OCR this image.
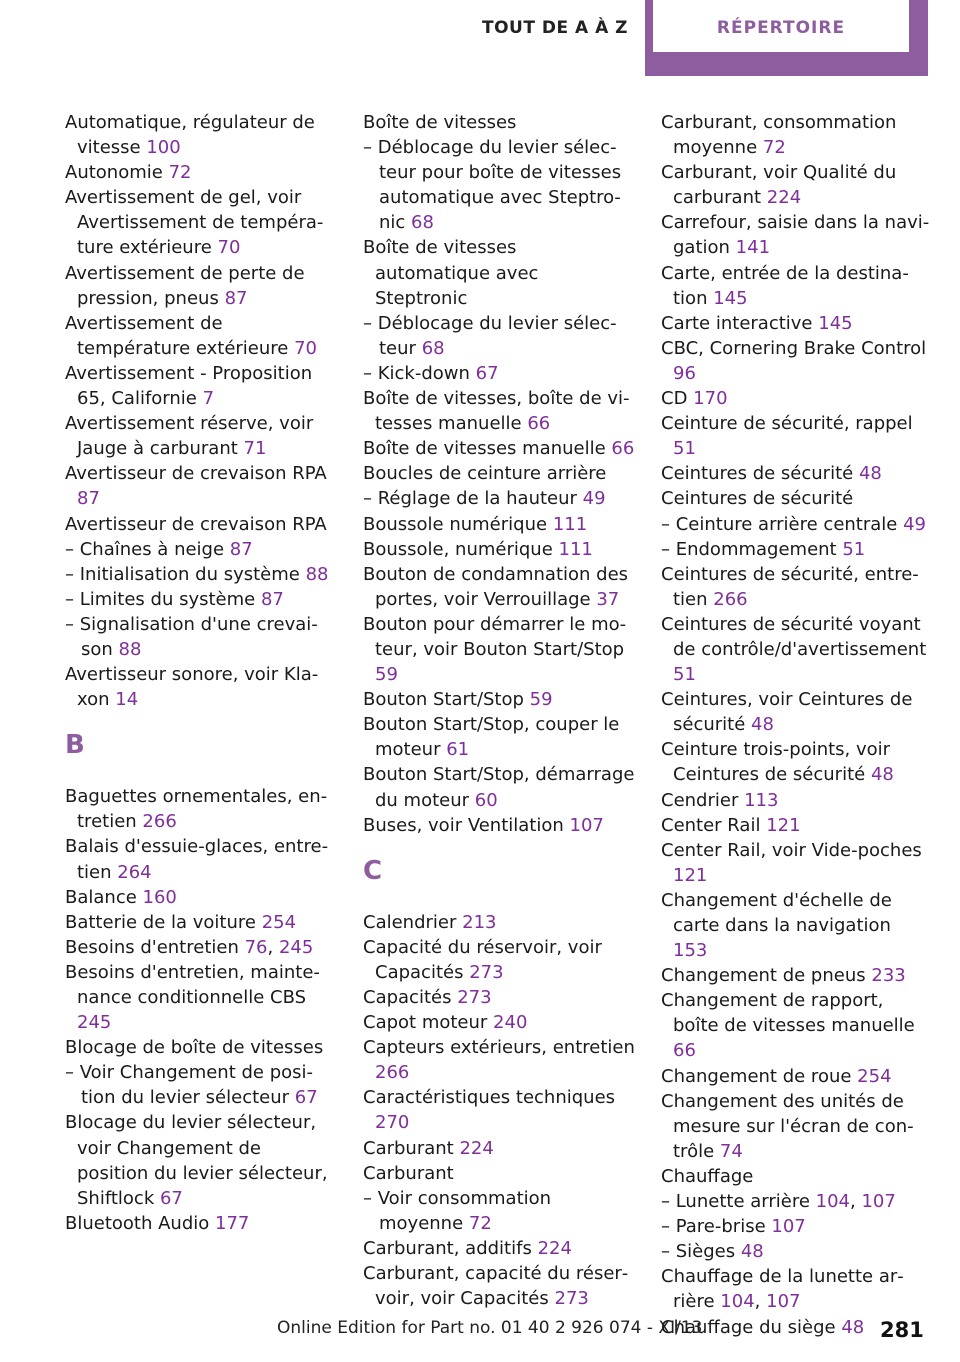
TOUT DE A À Z	RÉPERTOIRE
Automatique, régulateur de vitesse 100
Autonomie 72
Avertissement de gel, voir Avertissement de température extérieure 70
Avertissement de perte de pression, pneus 87
Avertissement de température extérieure 70
Avertissement - Proposition 65, Californie 7
Avertissement réserve, voir Jauge à carburant 71
Avertisseur de crevaison RPA 87
Avertisseur de crevaison RPA
– Chaînes à neige 87
– Initialisation du système 88
– Limites du système 87
– Signalisation d'une crevaison 88
Avertisseur sonore, voir Klaxon 14
B
Baguettes ornementales, entretien 266
Balais d'essuie-glaces, entretien 264
Balance 160
Batterie de la voiture 254
Besoins d'entretien 76, 245
Besoins d'entretien, maintenance conditionnelle CBS 245
Blocage de boîte de vitesses
– Voir Changement de position du levier sélecteur 67
Blocage du levier sélecteur, voir Changement de position du levier sélecteur, Shiftlock 67
Bluetooth Audio 177
Boîte de vitesses
– Déblocage du levier sélecteur pour boîte de vitesses automatique avec Steptronic 68
Boîte de vitesses automatique avec Steptronic
– Déblocage du levier sélecteur 68
– Kick-down 67
Boîte de vitesses, boîte de vitesses manuelle 66
Boîte de vitesses manuelle 66
Boucles de ceinture arrière
– Réglage de la hauteur 49
Boussole numérique 111
Boussole, numérique 111
Bouton de condamnation des portes, voir Verrouillage 37
Bouton pour démarrer le moteur, voir Bouton Start/Stop 59
Bouton Start/Stop 59
Bouton Start/Stop, couper le moteur 61
Bouton Start/Stop, démarrage du moteur 60
Buses, voir Ventilation 107
C
Calendrier 213
Capacité du réservoir, voir Capacités 273
Capacités 273
Capot moteur 240
Capteurs extérieurs, entretien 266
Caractéristiques techniques 270
Carburant 224
Carburant
– Voir consommation moyenne 72
Carburant, additifs 224
Carburant, capacité du réservoir, voir Capacités 273
Carburant, consommation moyenne 72
Carburant, voir Qualité du carburant 224
Carrefour, saisie dans la navigation 141
Carte, entrée de la destination 145
Carte interactive 145
CBC, Cornering Brake Control 96
CD 170
Ceinture de sécurité, rappel 51
Ceintures de sécurité 48
Ceintures de sécurité
– Ceinture arrière centrale 49
– Endommagement 51
Ceintures de sécurité, entretien 266
Ceintures de sécurité voyant de contrôle/d'avertissement 51
Ceintures, voir Ceintures de sécurité 48
Ceinture trois-points, voir Ceintures de sécurité 48
Cendrier 113
Center Rail 121
Center Rail, voir Vide-poches 121
Changement d'échelle de carte dans la navigation 153
Changement de pneus 233
Changement de rapport, boîte de vitesses manuelle 66
Changement de roue 254
Changement des unités de mesure sur l'écran de contrôle 74
Chauffage
– Lunette arrière 104, 107
– Pare-brise 107
– Sièges 48
Chauffage de la lunette arrière 104, 107
Chauffage du siège 48
Online Edition for Part no. 01 40 2 926 074 - XI/13	281
